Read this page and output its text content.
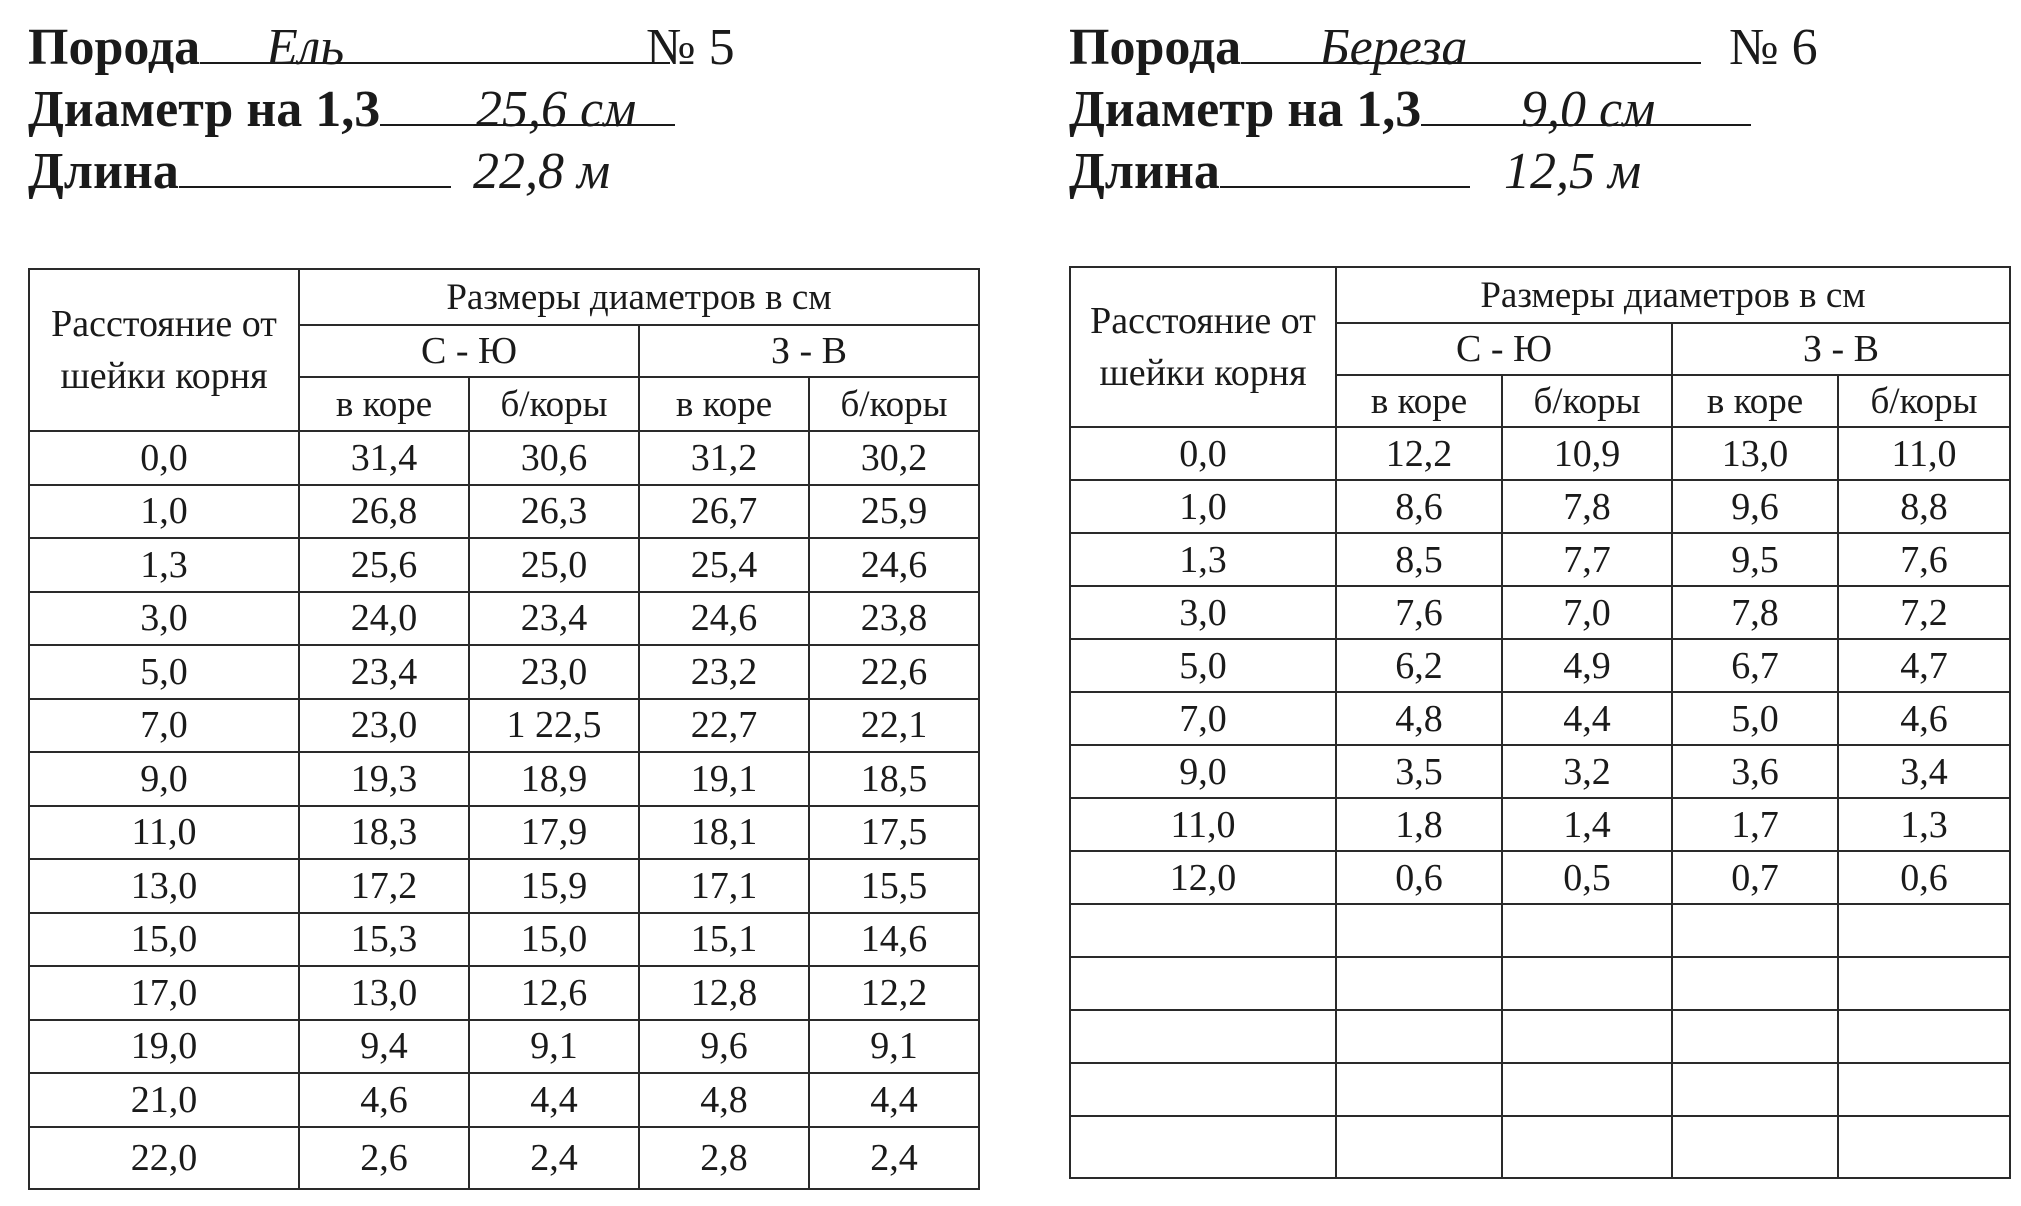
Порода Ель	№ 5
Диаметр на 1,3 25,6 см
Длина	22,8 м
Расстояние от шейки корня	Размеры диаметров в см			
	С - Ю		З - В	
	в коре	б/коры	в коре	б/коры
0,0	31,4	30,6	31,2	30,2
1,0	26,8	26,3	26,7	25,9
1,3	25,6	25,0	25,4	24,6
3,0	24,0	23,4	24,6	23,8
5,0	23,4	23,0	23,2	22,6
7,0	23,0	1 22,5	22,7	22,1
9,0	19,3	18,9	19,1	18,5
11,0	18,3	17,9	18,1	17,5
13,0	17,2	15,9	17,1	15,5
15,0	15,3	15,0	15,1	14,6
17,0	13,0	12,6	12,8	12,2
19,0	9,4	9,1	9,6	9,1
21,0	4,6	4,4	4,8	4,4
22,0	2,6	2,4	2,8	2,4
Порода Береза	№ 6
Диаметр на 1,3 9,0 см
Длина	12,5 м
Расстояние от шейки корня	Размеры диаметров в см			
	С - Ю		З - В	
	в коре	б/коры	в коре	б/коры
0,0	12,2	10,9	13,0	11,0
1,0	8,6	7,8	9,6	8,8
1,3	8,5	7,7	9,5	7,6
3,0	7,6	7,0	7,8	7,2
5,0	6,2	4,9	6,7	4,7
7,0	4,8	4,4	5,0	4,6
9,0	3,5	3,2	3,6	3,4
11,0	1,8	1,4	1,7	1,3
12,0	0,6	0,5	0,7	0,6
